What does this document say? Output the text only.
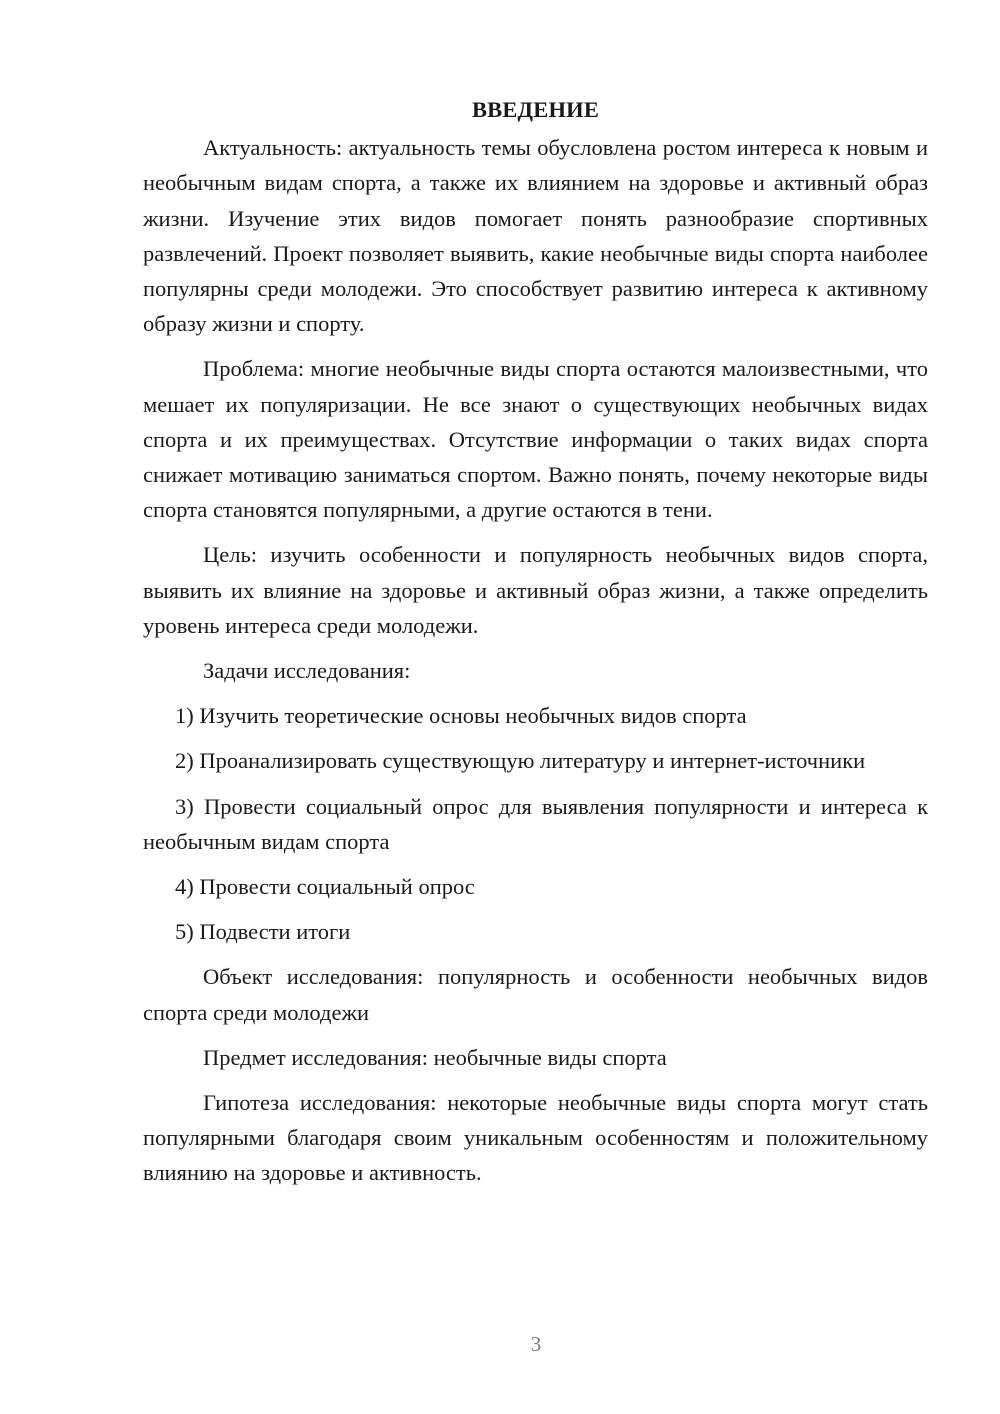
ВВЕДЕНИЕ

Актуальность: актуальность темы обусловлена ростом интереса к новым и необычным видам спорта, а также их влиянием на здоровье и активный образ жизни. Изучение этих видов помогает понять разнообразие спортивных развлечений. Проект позволяет выявить, какие необычные виды спорта наиболее популярны среди молодежи. Это способствует развитию интереса к активному образу жизни и спорту.

Проблема: многие необычные виды спорта остаются малоизвестными, что мешает их популяризации. Не все знают о существующих необычных видах спорта и их преимуществах. Отсутствие информации о таких видах спорта снижает мотивацию заниматься спортом. Важно понять, почему некоторые виды спорта становятся популярными, а другие остаются в тени.

Цель: изучить особенности и популярность необычных видов спорта, выявить их влияние на здоровье и активный образ жизни, а также определить уровень интереса среди молодежи.

Задачи исследования:

1) Изучить теоретические основы необычных видов спорта

2) Проанализировать существующую литературу и интернет-источники

3) Провести социальный опрос для выявления популярности и интереса к необычным видам спорта

4) Провести социальный опрос

5) Подвести итоги

Объект исследования: популярность и особенности необычных видов спорта среди молодежи

Предмет исследования: необычные виды спорта

Гипотеза исследования: некоторые необычные виды спорта могут стать популярными благодаря своим уникальным особенностям и положительному влиянию на здоровье и активность.

3
